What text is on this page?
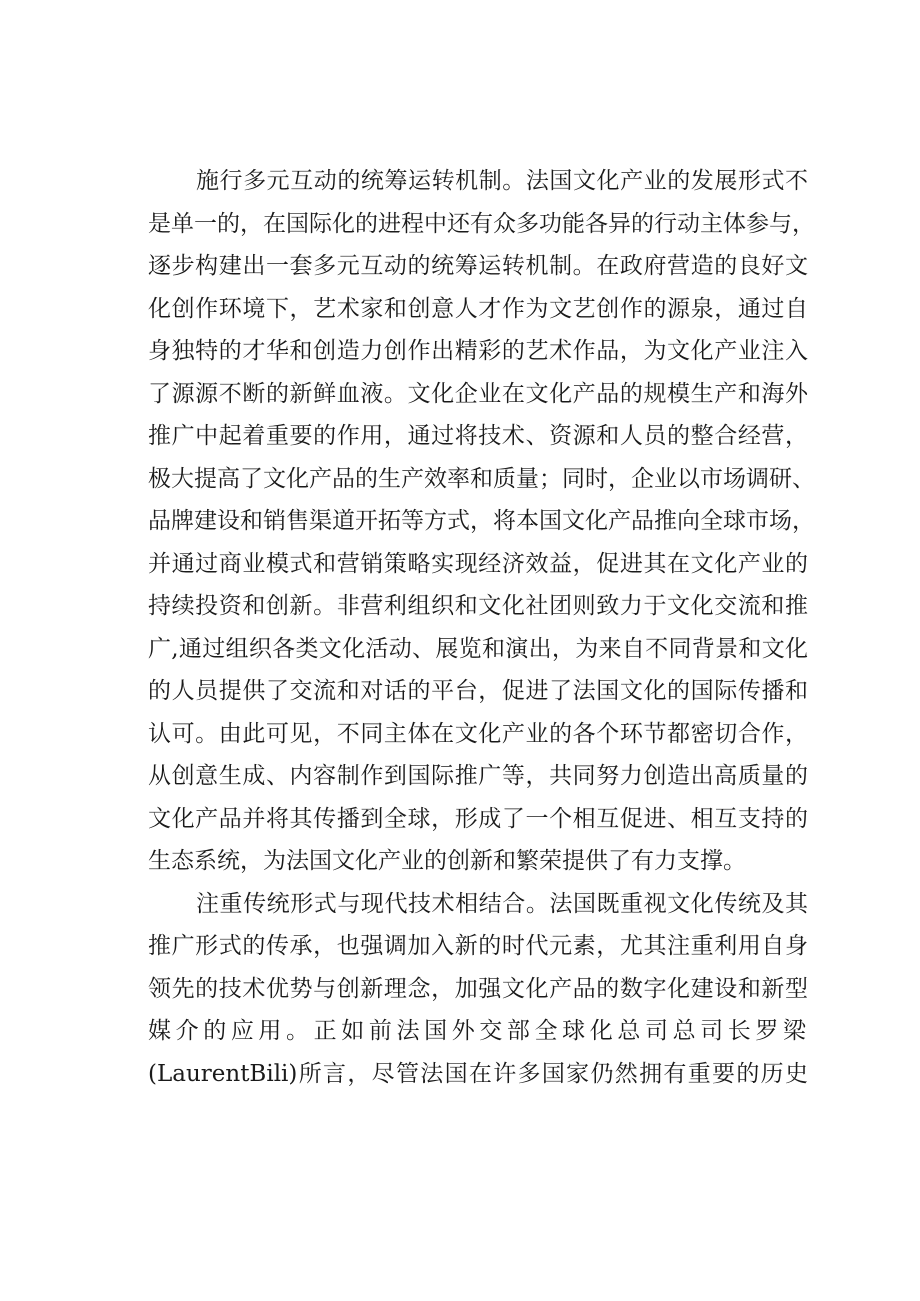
施行多元互动的统筹运转机制。法国文化产业的发展形式不
是单一的，在国际化的进程中还有众多功能各异的行动主体参与，
逐步构建出一套多元互动的统筹运转机制。在政府营造的良好文
化创作环境下，艺术家和创意人才作为文艺创作的源泉，通过自
身独特的才华和创造力创作出精彩的艺术作品，为文化产业注入
了源源不断的新鲜血液。文化企业在文化产品的规模生产和海外
推广中起着重要的作用，通过将技术、资源和人员的整合经营，
极大提高了文化产品的生产效率和质量；同时，企业以市场调研、
品牌建设和销售渠道开拓等方式，将本国文化产品推向全球市场，
并通过商业模式和营销策略实现经济效益，促进其在文化产业的
持续投资和创新。非营利组织和文化社团则致力于文化交流和推
广,通过组织各类文化活动、展览和演出，为来自不同背景和文化
的人员提供了交流和对话的平台，促进了法国文化的国际传播和
认可。由此可见，不同主体在文化产业的各个环节都密切合作，
从创意生成、内容制作到国际推广等，共同努力创造出高质量的
文化产品并将其传播到全球，形成了一个相互促进、相互支持的
生态系统，为法国文化产业的创新和繁荣提供了有力支撑。
注重传统形式与现代技术相结合。法国既重视文化传统及其
推广形式的传承，也强调加入新的时代元素，尤其注重利用自身
领先的技术优势与创新理念，加强文化产品的数字化建设和新型
媒介的应用。正如前法国外交部全球化总司总司长罗梁
(LaurentBili)所言，尽管法国在许多国家仍然拥有重要的历史
